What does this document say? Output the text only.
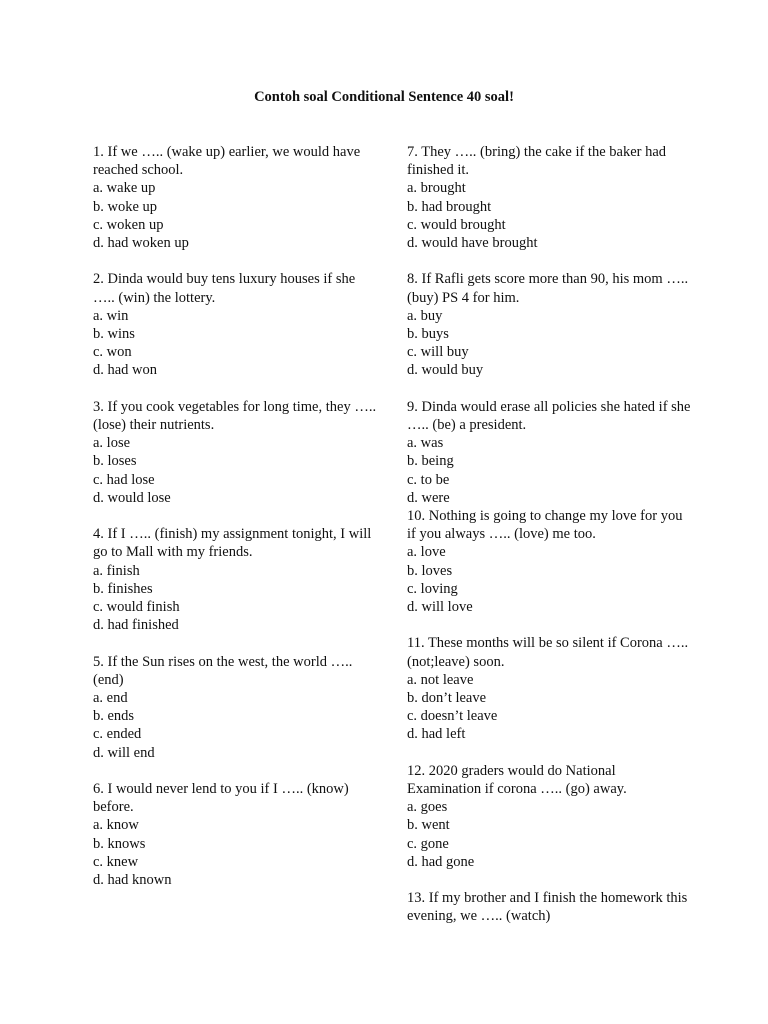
Contoh soal Conditional Sentence 40 soal!
1. If we ….. (wake up) earlier, we would have reached school.
a. wake up
b. woke up
c. woken up
d. had woken up
2. Dinda would buy tens luxury houses if she ….. (win) the lottery.
a. win
b. wins
c. won
d. had won
3. If you cook vegetables for long time, they ….. (lose) their nutrients.
a. lose
b. loses
c. had lose
d. would lose
4. If I ….. (finish) my assignment tonight, I will go to Mall with my friends.
a. finish
b. finishes
c. would finish
d. had finished
5. If the Sun rises on the west, the world ….. (end)
a. end
b. ends
c. ended
d. will end
6. I would never lend to you if I ….. (know) before.
a. know
b. knows
c. knew
d. had known
7. They ….. (bring) the cake if the baker had finished it.
a. brought
b. had brought
c. would brought
d. would have brought
8. If Rafli gets score more than 90, his mom ….. (buy) PS 4 for him.
a. buy
b. buys
c. will buy
d. would buy
9. Dinda would erase all policies she hated if she ….. (be) a president.
a. was
b. being
c. to be
d. were
10. Nothing is going to change my love for you if you always ….. (love) me too.
a. love
b. loves
c. loving
d. will love
11. These months will be so silent if Corona ….. (not;leave) soon.
a. not leave
b. don’t leave
c. doesn’t leave
d. had left
12. 2020 graders would do National Examination if corona ….. (go) away.
a. goes
b. went
c. gone
d. had gone
13. If my brother and I finish the homework this evening, we ….. (watch)
